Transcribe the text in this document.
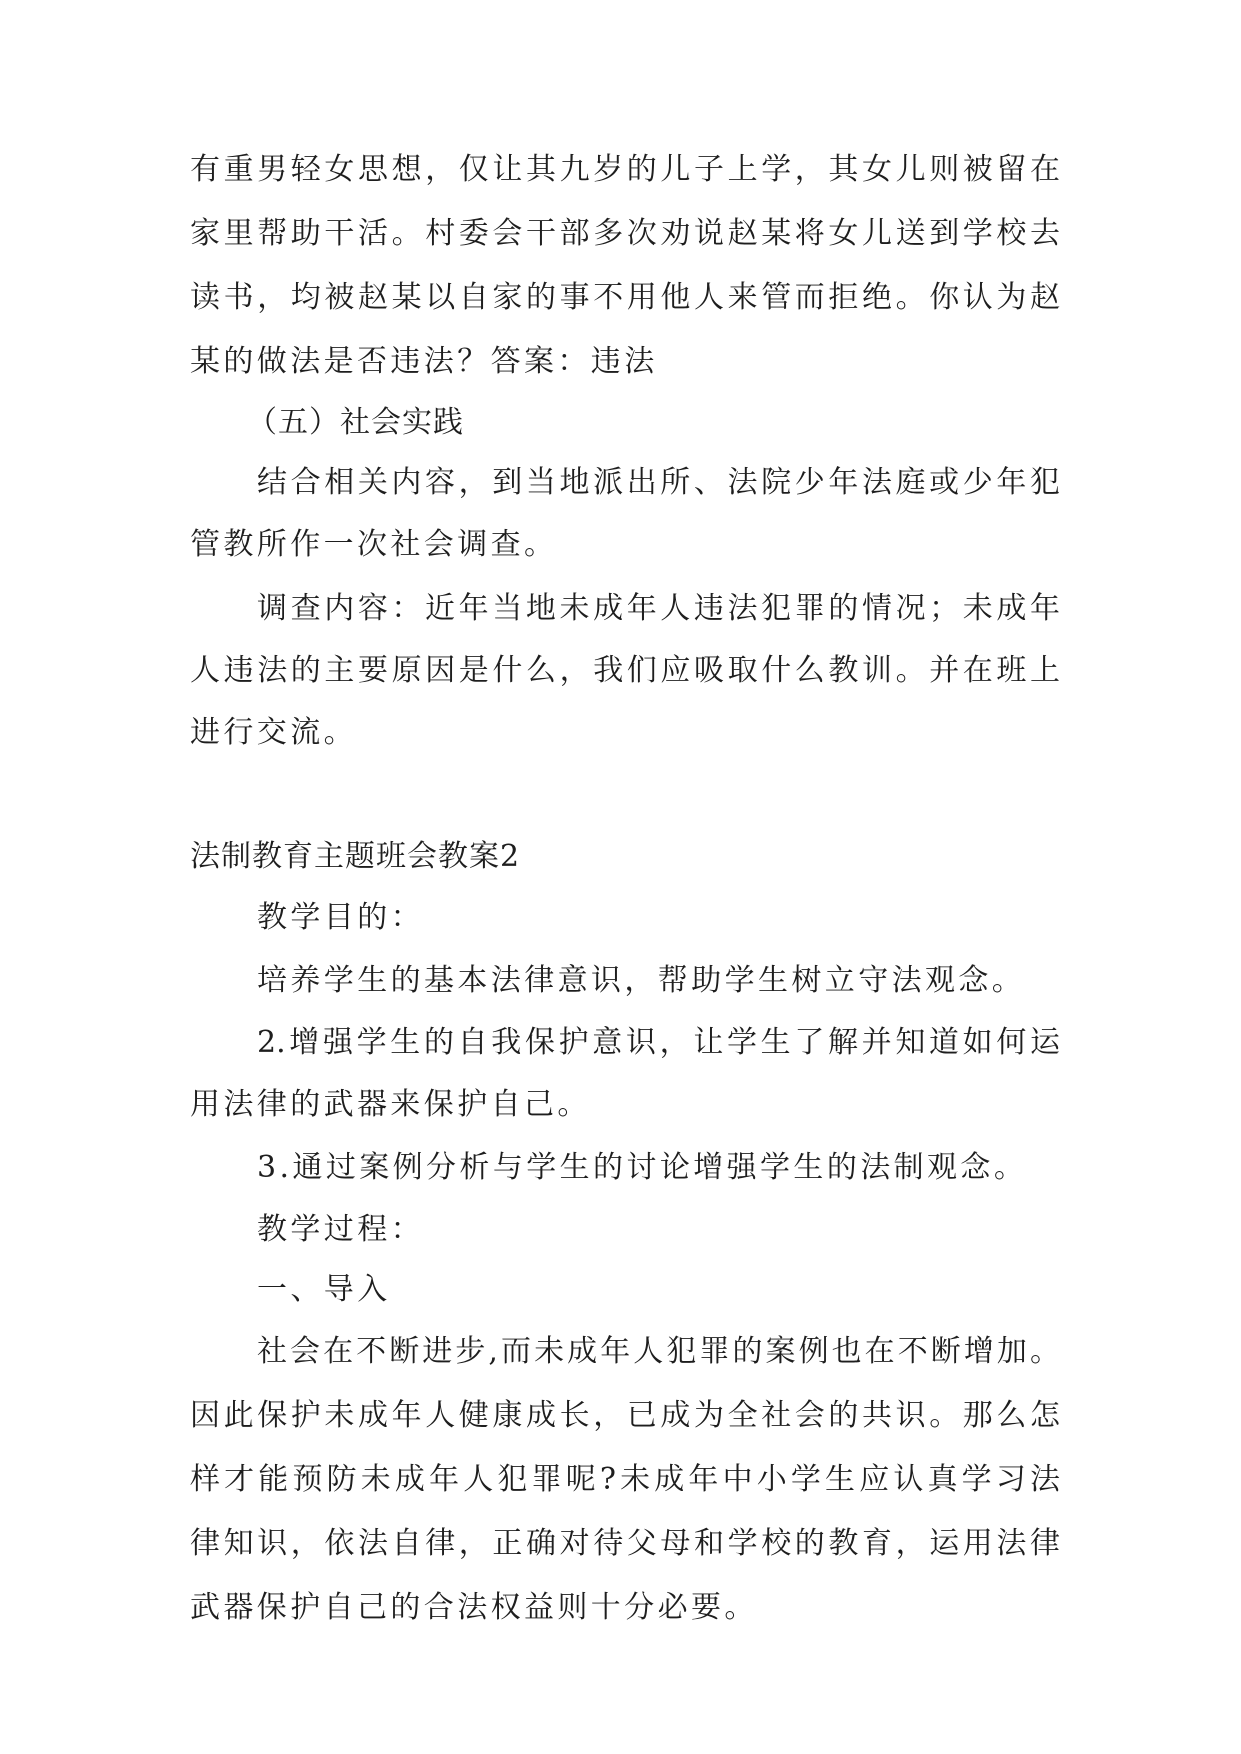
有重男轻女思想，仅让其九岁的儿子上学，其女儿则被留在

家里帮助干活。村委会干部多次劝说赵某将女儿送到学校去

读书，均被赵某以自家的事不用他人来管而拒绝。你认为赵

某的做法是否违法？答案：违法

（五）社会实践

结合相关内容，到当地派出所、法院少年法庭或少年犯

管教所作一次社会调查。

调查内容：近年当地未成年人违法犯罪的情况；未成年

人违法的主要原因是什么，我们应吸取什么教训。并在班上

进行交流。

法制教育主题班会教案2

教学目的：

培养学生的基本法律意识，帮助学生树立守法观念。

2.增强学生的自我保护意识，让学生了解并知道如何运

用法律的武器来保护自己。

3.通过案例分析与学生的讨论增强学生的法制观念。

教学过程：

一、导入

社会在不断进步,而未成年人犯罪的案例也在不断增加。

因此保护未成年人健康成长，已成为全社会的共识。那么怎

样才能预防未成年人犯罪呢?未成年中小学生应认真学习法

律知识，依法自律，正确对待父母和学校的教育，运用法律

武器保护自己的合法权益则十分必要。
